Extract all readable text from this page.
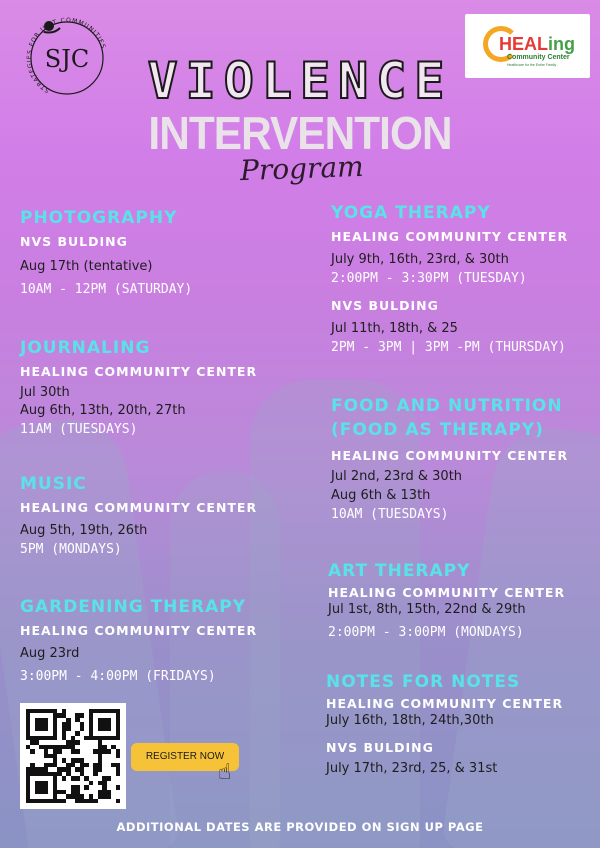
SJC
STRATEGIES FOR JUST COMMUNITIES	HEALing
Community Center
Healthcare for the Entire Family
VIOLENCE
INTERVENTION
Program
PHOTOGRAPHY
NVS BULDING
Aug 17th (tentative)
10AM - 12PM (SATURDAY)
JOURNALING
HEALING COMMUNITY CENTER
Jul 30th
Aug 6th, 13th, 20th, 27th
11AM (TUESDAYS)
MUSIC
HEALING COMMUNITY CENTER
Aug 5th, 19th, 26th
5PM (MONDAYS)
GARDENING THERAPY
HEALING COMMUNITY CENTER
Aug 23rd
3:00PM - 4:00PM (FRIDAYS)
YOGA THERAPY
HEALING COMMUNITY CENTER
July 9th, 16th, 23rd, & 30th
2:00PM - 3:30PM (TUESDAY)
NVS BULDING
Jul 11th, 18th, & 25
2PM - 3PM | 3PM -PM (THURSDAY)
FOOD AND NUTRITION
(FOOD AS THERAPY)
HEALING COMMUNITY CENTER
Jul 2nd, 23rd & 30th
Aug 6th & 13th
10AM (TUESDAYS)
ART THERAPY
HEALING COMMUNITY CENTER
Jul 1st, 8th, 15th, 22nd & 29th
2:00PM - 3:00PM (MONDAYS)
NOTES FOR NOTES
HEALING COMMUNITY CENTER
July 16th, 18th, 24th,30th
NVS BULDING
July 17th, 23rd, 25, & 31st
REGISTER NOW
☝
ADDITIONAL DATES ARE PROVIDED ON SIGN UP PAGE
